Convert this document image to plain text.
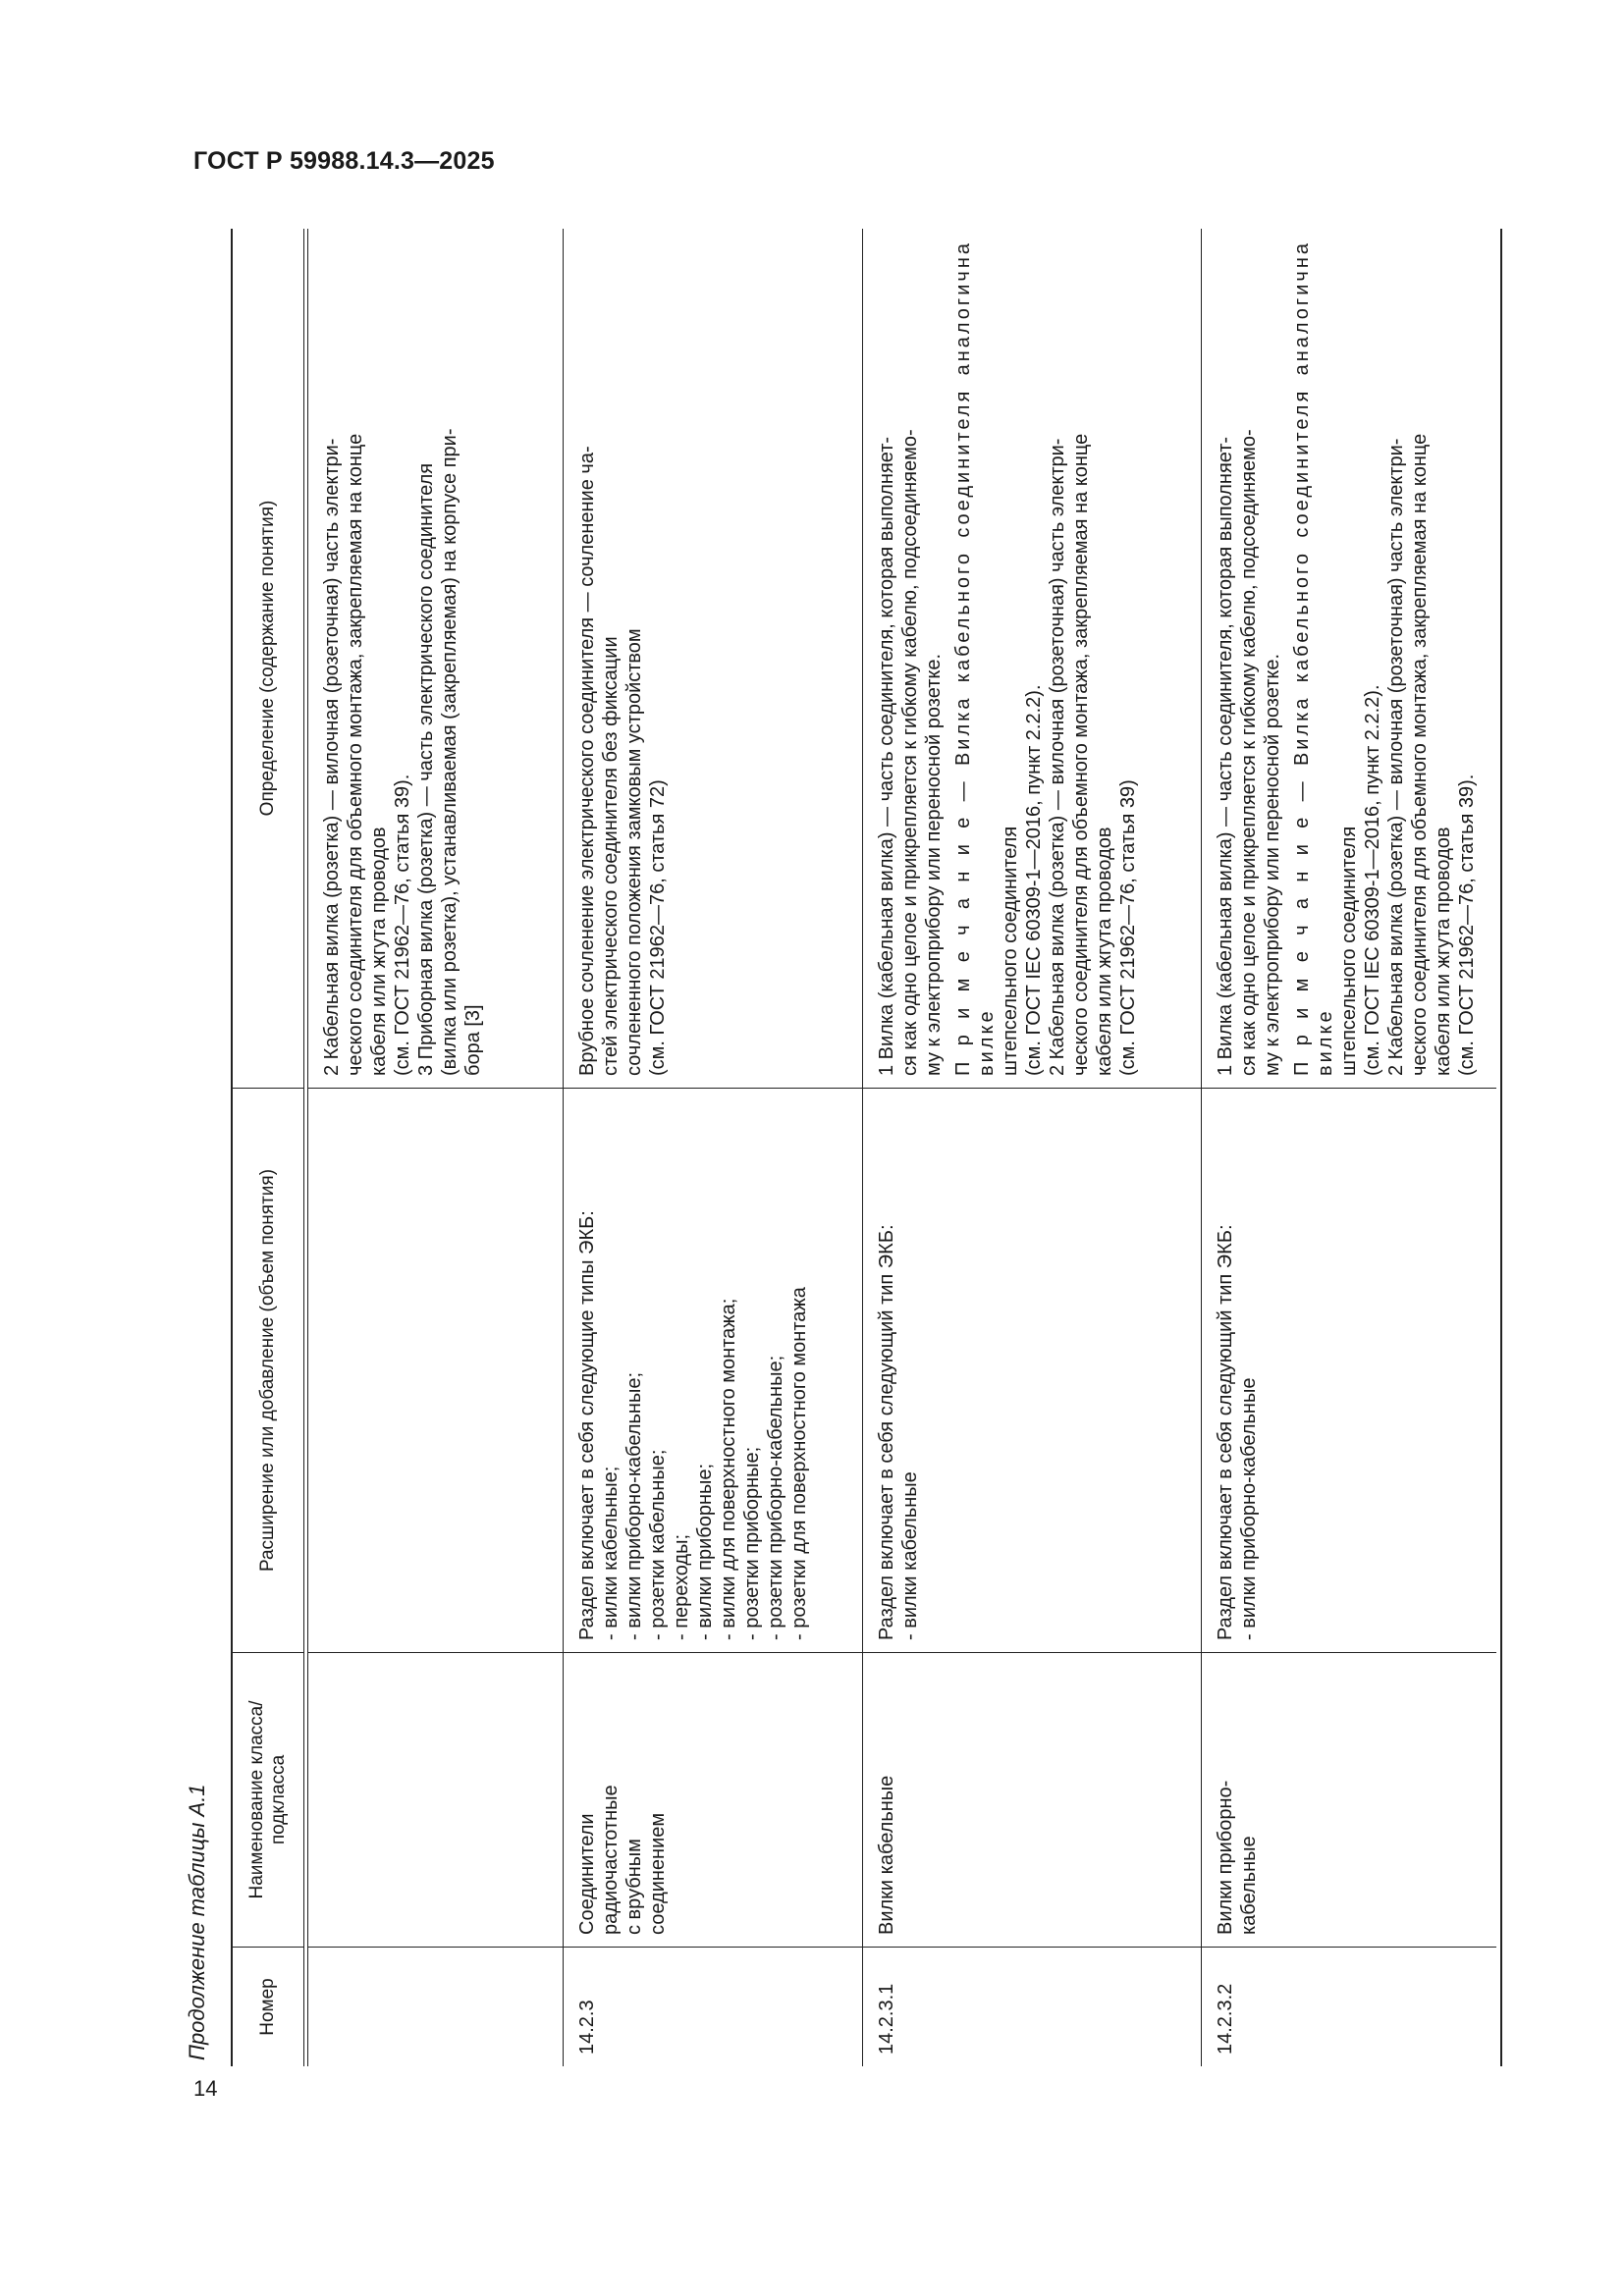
ГОСТ Р 59988.14.3—2025
Продолжение таблицы А.1	Номер
Наименование класса/подкласса
Расширение или добавление (объем понятия)
Определение (содержание понятия)	2 Кабельная вилка (розетка) — вилочная (розеточная) часть электри- ческого соединителя для объемного монтажа, закрепляемая на конце кабеля или жгута проводов (см. ГОСТ 21962—76, статья 39). 3 Приборная вилка (розетка) — часть электрического соединителя (вилка или розетка), устанавливаемая (закрепляемая) на корпусе при- бора [3]
14.2.3
Соединители радиочастотные с врубным соединением
Раздел включает в себя следующие типы ЭКБ: - вилки кабельные; - вилки приборно-кабельные; - розетки кабельные; - переходы; - вилки приборные; - вилки для поверхностного монтажа; - розетки приборные; - розетки приборно-кабельные; - розетки для поверхностного монтажа
Врубное сочленение электрического соединителя — сочленение ча- стей электрического соединителя без фиксации сочлененного положения замковым устройством (см. ГОСТ 21962—76, статья 72)
14.2.3.1
Вилки кабельные
Раздел включает в себя следующий тип ЭКБ: - вилки кабельные
1 Вилка (кабельная вилка) — часть соединителя, которая выполняет- ся как одно целое и прикрепляется к гибкому кабелю, подсоединяемо- му к электроприбору или переносной розетке. П р и м е ч а н и е — Вилка кабельного соединителя аналогична вилке штепсельного соединителя (см. ГОСТ IEC 60309-1—2016, пункт 2.2.2). 2 Кабельная вилка (розетка) — вилочная (розеточная) часть электри- ческого соединителя для объемного монтажа, закрепляемая на конце кабеля или жгута проводов (см. ГОСТ 21962—76, статья 39)
14.2.3.2
Вилки приборно- кабельные
Раздел включает в себя следующий тип ЭКБ: - вилки приборно-кабельные
1 Вилка (кабельная вилка) — часть соединителя, которая выполняет- ся как одно целое и прикрепляется к гибкому кабелю, подсоединяемо- му к электроприбору или переносной розетке. П р и м е ч а н и е — Вилка кабельного соединителя аналогична вилке штепсельного соединителя (см. ГОСТ IEC 60309-1—2016, пункт 2.2.2). 2 Кабельная вилка (розетка) — вилочная (розеточная) часть электри- ческого соединителя для объемного монтажа, закрепляемая на конце кабеля или жгута проводов (см. ГОСТ 21962—76, статья 39).
14
